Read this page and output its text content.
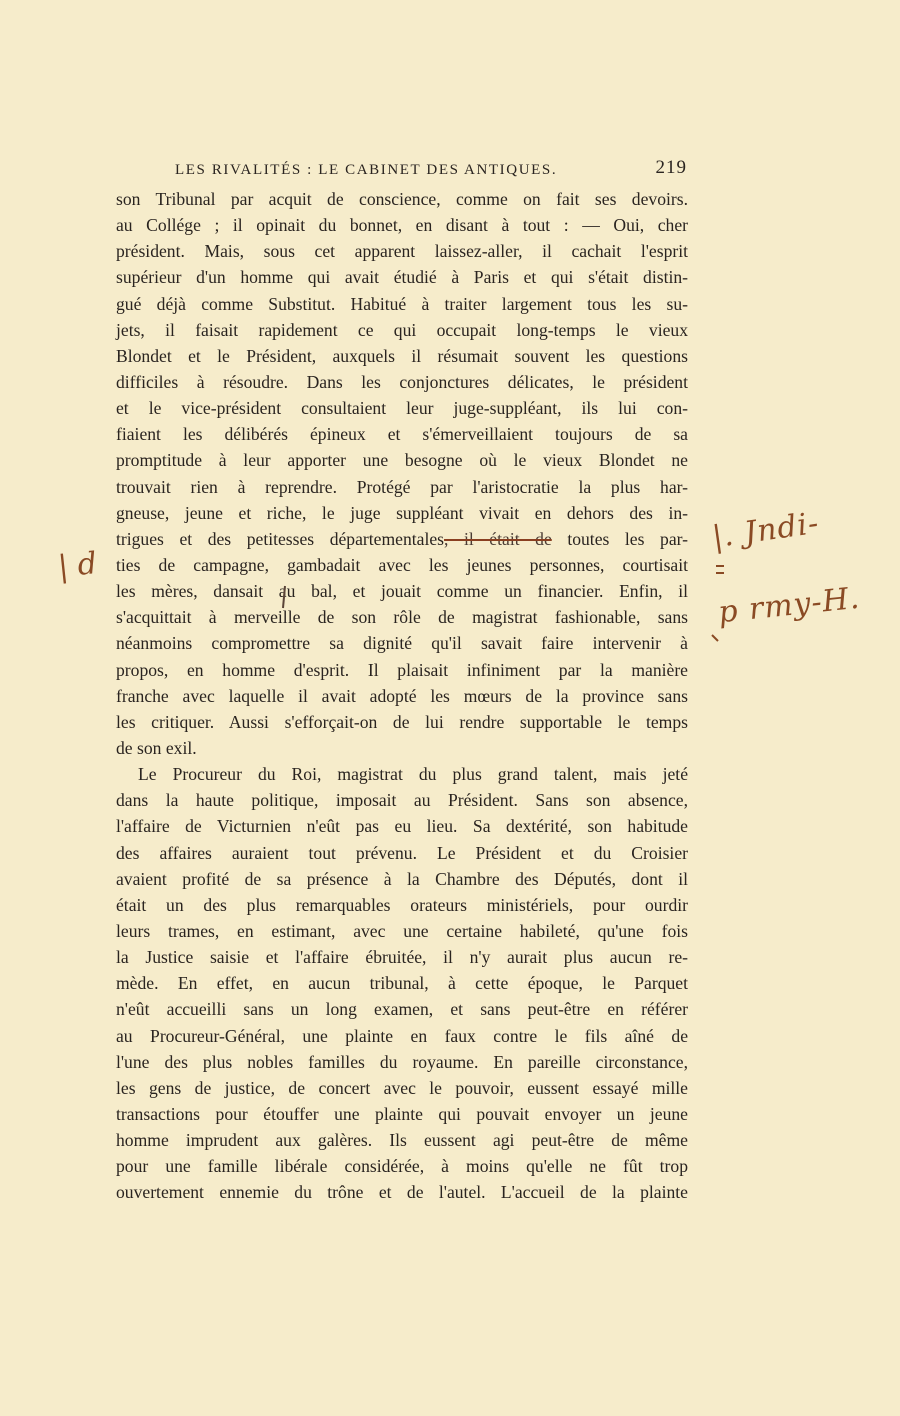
LES RIVALITÉS : LE CABINET DES ANTIQUES.	219
son Tribunal par acquit de conscience, comme on fait ses devoirs.
au Collége ; il opinait du bonnet, en disant à tout : — Oui, cher
président. Mais, sous cet apparent laissez-aller, il cachait l'esprit
supérieur d'un homme qui avait étudié à Paris et qui s'était distin-
gué déjà comme Substitut. Habitué à traiter largement tous les su-
jets, il faisait rapidement ce qui occupait long-temps le vieux
Blondet et le Président, auxquels il résumait souvent les questions
difficiles à résoudre. Dans les conjonctures délicates, le président
et le vice-président consultaient leur juge-suppléant, ils lui con-
fiaient les délibérés épineux et s'émerveillaient toujours de sa
promptitude à leur apporter une besogne où le vieux Blondet ne
trouvait rien à reprendre. Protégé par l'aristocratie la plus har-
gneuse, jeune et riche, le juge suppléant vivait en dehors des in-
trigues et des petitesses départementales, il était de toutes les par-
ties de campagne, gambadait avec les jeunes personnes, courtisait
les mères, dansait au bal, et jouait comme un financier. Enfin, il
s'acquittait à merveille de son rôle de magistrat fashionable, sans
néanmoins compromettre sa dignité qu'il savait faire intervenir à
propos, en homme d'esprit. Il plaisait infiniment par la manière
franche avec laquelle il avait adopté les mœurs de la province sans
les critiquer. Aussi s'efforçait-on de lui rendre supportable le temps
de son exil.
Le Procureur du Roi, magistrat du plus grand talent, mais jeté
dans la haute politique, imposait au Président. Sans son absence,
l'affaire de Victurnien n'eût pas eu lieu. Sa dextérité, son habitude
des affaires auraient tout prévenu. Le Président et du Croisier
avaient profité de sa présence à la Chambre des Députés, dont il
était un des plus remarquables orateurs ministériels, pour ourdir
leurs trames, en estimant, avec une certaine habileté, qu'une fois
la Justice saisie et l'affaire ébruitée, il n'y aurait plus aucun re-
mède. En effet, en aucun tribunal, à cette époque, le Parquet
n'eût accueilli sans un long examen, et sans peut-être en référer
au Procureur-Général, une plainte en faux contre le fils aîné de
l'une des plus nobles familles du royaume. En pareille circonstance,
les gens de justice, de concert avec le pouvoir, eussent essayé mille
transactions pour étouffer une plainte qui pouvait envoyer un jeune
homme imprudent aux galères. Ils eussent agi peut-être de même
pour une famille libérale considérée, à moins qu'elle ne fût trop
ouvertement ennemie du trône et de l'autel. L'accueil de la plainte
| d
|. Jndi-
p rmy-H.
